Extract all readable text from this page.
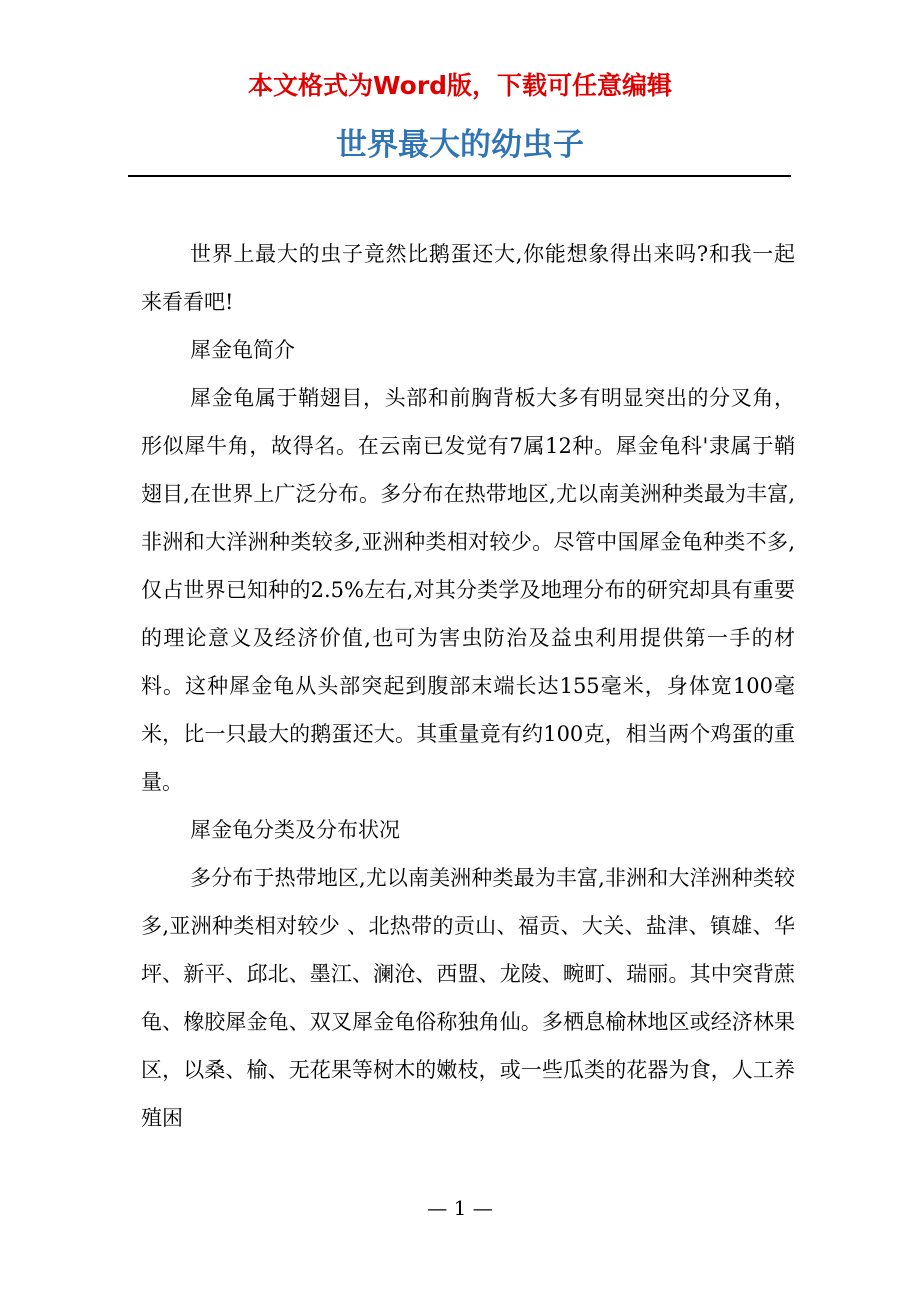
本文格式为Word版，下载可任意编辑
世界最大的幼虫子

世界上最大的虫子竟然比鹅蛋还大,你能想象得出来吗?和我一起来看看吧!

犀金龟简介

犀金龟属于鞘翅目，头部和前胸背板大多有明显突出的分叉角，形似犀牛角，故得名。在云南已发觉有7属12种。犀金龟科'隶属于鞘翅目,在世界上广泛分布。多分布在热带地区,尤以南美洲种类最为丰富,非洲和大洋洲种类较多,亚洲种类相对较少。尽管中国犀金龟种类不多,仅占世界已知种的2.5%左右,对其分类学及地理分布的研究却具有重要的理论意义及经济价值,也可为害虫防治及益虫利用提供第一手的材料。这种犀金龟从头部突起到腹部末端长达155毫米，身体宽100毫米，比一只最大的鹅蛋还大。其重量竟有约100克，相当两个鸡蛋的重量。

犀金龟分类及分布状况

多分布于热带地区,尤以南美洲种类最为丰富,非洲和大洋洲种类较多,亚洲种类相对较少 、北热带的贡山、福贡、大关、盐津、镇雄、华坪、新平、邱北、墨江、澜沧、西盟、龙陵、畹町、瑞丽。其中突背蔗龟、橡胶犀金龟、双叉犀金龟俗称独角仙。多栖息榆林地区或经济林果区，以桑、榆、无花果等树木的嫩枝，或一些瓜类的花器为食，人工养殖困

— 1 —
